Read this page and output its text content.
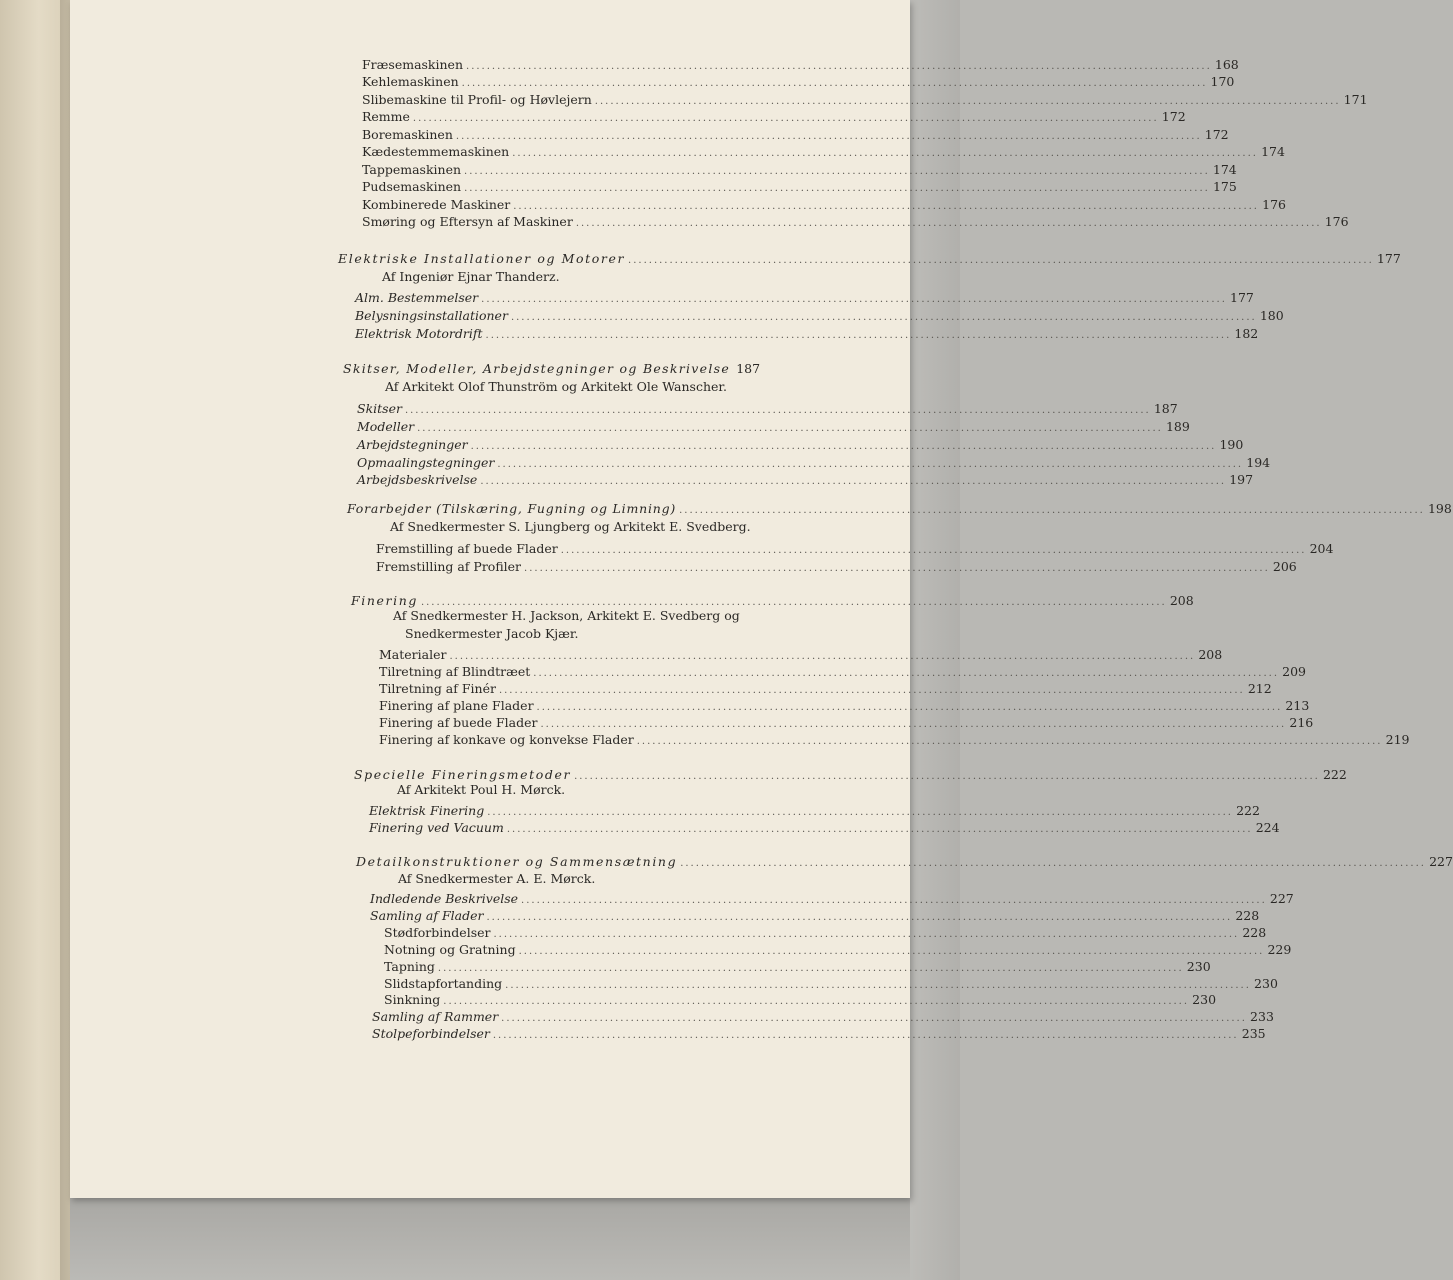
Fræsemaskinen ................................................................................................................................................ 168
Kehlemaskinen ................................................................................................................................................ 170
Slibemaskine til Profil- og Høvlejern ................................................................................................................................................ 171
Remme ................................................................................................................................................ 172
Boremaskinen ................................................................................................................................................ 172
Kædestemmemaskinen ................................................................................................................................................ 174
Tappemaskinen ................................................................................................................................................ 174
Pudsemaskinen ................................................................................................................................................ 175
Kombinerede Maskiner ................................................................................................................................................ 176
Smøring og Eftersyn af Maskiner ................................................................................................................................................ 176
Elektriske Installationer og Motorer ................................................................................................................................................ 177
Af Ingeniør Ejnar Thanderz.
Alm. Bestemmelser ................................................................................................................................................ 177
Belysningsinstallationer ................................................................................................................................................ 180
Elektrisk Motordrift ................................................................................................................................................ 182
Skitser, Modeller, Arbejdstegninger og Beskrivelse 187
Af Arkitekt Olof Thunström og Arkitekt Ole Wanscher.
Skitser ................................................................................................................................................ 187
Modeller ................................................................................................................................................ 189
Arbejdstegninger ................................................................................................................................................ 190
Opmaalingstegninger ................................................................................................................................................ 194
Arbejdsbeskrivelse ................................................................................................................................................ 197
Forarbejder (Tilskæring, Fugning og Limning) ................................................................................................................................................ 198
Af Snedkermester S. Ljungberg og Arkitekt E. Svedberg.
Fremstilling af buede Flader ................................................................................................................................................ 204
Fremstilling af Profiler ................................................................................................................................................ 206
Finering ................................................................................................................................................ 208
Af Snedkermester H. Jackson, Arkitekt E. Svedberg og
Snedkermester Jacob Kjær.
Materialer ................................................................................................................................................ 208
Tilretning af Blindtræet ................................................................................................................................................ 209
Tilretning af Finér ................................................................................................................................................ 212
Finering af plane Flader ................................................................................................................................................ 213
Finering af buede Flader ................................................................................................................................................ 216
Finering af konkave og konvekse Flader ................................................................................................................................................ 219
Specielle Fineringsmetoder ................................................................................................................................................ 222
Af Arkitekt Poul H. Mørck.
Elektrisk Finering ................................................................................................................................................ 222
Finering ved Vacuum ................................................................................................................................................ 224
Detailkonstruktioner og Sammensætning ................................................................................................................................................ 227
Af Snedkermester A. E. Mørck.
Indledende Beskrivelse ................................................................................................................................................ 227
Samling af Flader ................................................................................................................................................ 228
Stødforbindelser ................................................................................................................................................ 228
Notning og Gratning ................................................................................................................................................ 229
Tapning ................................................................................................................................................ 230
Slidstapfortanding ................................................................................................................................................ 230
Sinkning ................................................................................................................................................ 230
Samling af Rammer ................................................................................................................................................ 233
Stolpeforbindelser ................................................................................................................................................ 235
